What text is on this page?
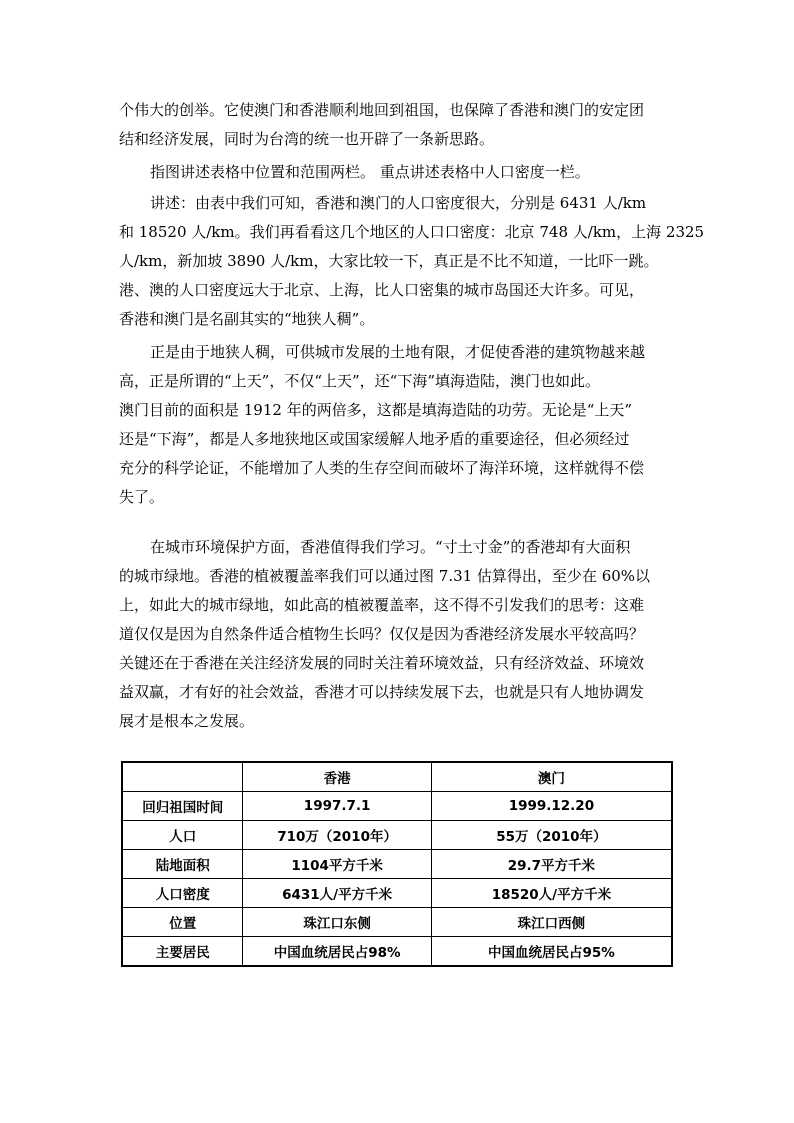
个伟大的创举。它使澳门和香港顺利地回到祖国，也保障了香港和澳门的安定团
结和经济发展，同时为台湾的统一也开辟了一条新思路。
指图讲述表格中位置和范围两栏。 重点讲述表格中人口密度一栏。
讲述：由表中我们可知，香港和澳门的人口密度很大，分别是 6431 人/km
和 18520 人/km。我们再看看这几个地区的人口口密度：北京 748 人/km，上海 2325
人/km，新加坡 3890 人/km，大家比较一下，真正是不比不知道，一比吓一跳。
港、澳的人口密度远大于北京、上海，比人口密集的城市岛国还大许多。可见，
香港和澳门是名副其实的“地狭人稠”。
正是由于地狭人稠，可供城市发展的土地有限，才促使香港的建筑物越来越
高，正是所谓的“上天”，不仅“上天”，还“下海”填海造陆，澳门也如此。
澳门目前的面积是 1912 年的两倍多，这都是填海造陆的功劳。无论是“上天”
还是“下海”，都是人多地狭地区或国家缓解人地矛盾的重要途径，但必须经过
充分的科学论证，不能增加了人类的生存空间而破坏了海洋环境，这样就得不偿
失了。
在城市环境保护方面，香港值得我们学习。“寸土寸金”的香港却有大面积
的城市绿地。香港的植被覆盖率我们可以通过图 7.31 估算得出，至少在 60%以
上，如此大的城市绿地，如此高的植被覆盖率，这不得不引发我们的思考：这难
道仅仅是因为自然条件适合植物生长吗？仅仅是因为香港经济发展水平较高吗？
关键还在于香港在关注经济发展的同时关注着环境效益，只有经济效益、环境效
益双赢，才有好的社会效益，香港才可以持续发展下去，也就是只有人地协调发
展才是根本之发展。
	香港	澳门
回归祖国时间	1997.7.1	1999.12.20
人口	710万（2010年）	55万（2010年）
陆地面积	1104平方千米	29.7平方千米
人口密度	6431人/平方千米	18520人/平方千米
位置	珠江口东侧	珠江口西侧
主要居民	中国血统居民占98%	中国血统居民占95%
